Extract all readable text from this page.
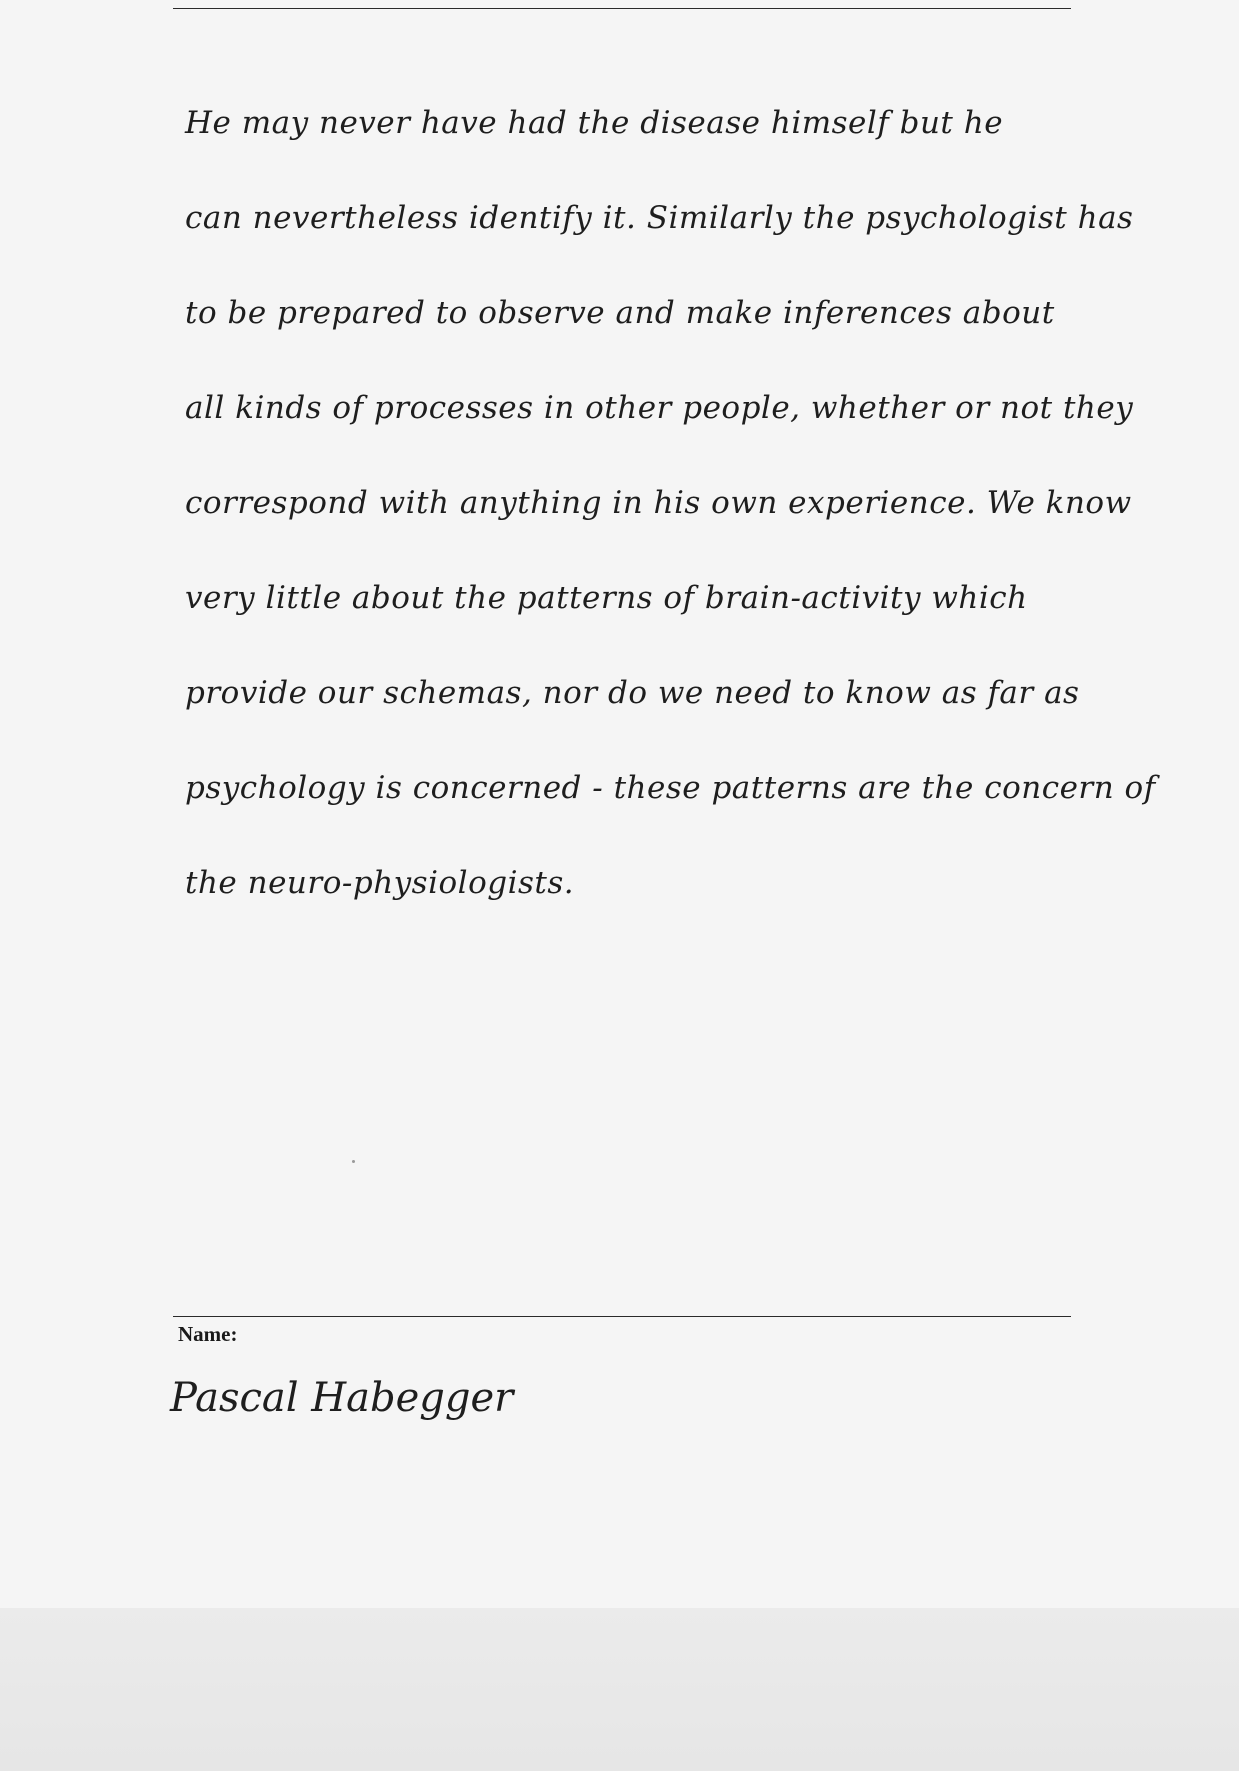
He may never have had the disease himself but he
can nevertheless identify it. Similarly the psychologist has
to be prepared to observe and make inferences about
all kinds of processes in other people, whether or not they
correspond with anything in his own experience. We know
very little about the patterns of brain-activity which
provide our schemas, nor do we need to know as far as
psychology is concerned - these patterns are the concern of
the neuro-physiologists.
Name:
Pascal Habegger
